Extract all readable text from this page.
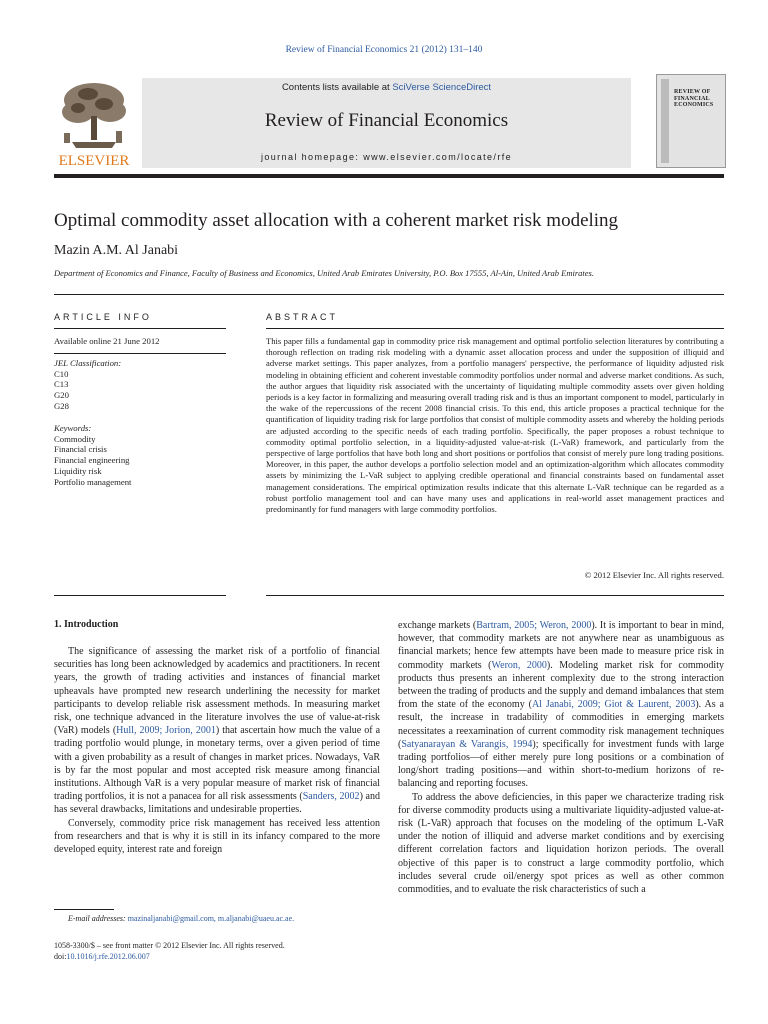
Review of Financial Economics 21 (2012) 131–140
Contents lists available at SciVerse ScienceDirect
Review of Financial Economics
journal homepage: www.elsevier.com/locate/rfe
ELSEVIER
REVIEW OF FINANCIAL ECONOMICS
Optimal commodity asset allocation with a coherent market risk modeling
Mazin A.M. Al Janabi
Department of Economics and Finance, Faculty of Business and Economics, United Arab Emirates University, P.O. Box 17555, Al-Ain, United Arab Emirates.
ARTICLE INFO
Available online 21 June 2012
JEL Classification:
C10
C13
G20
G28
Keywords:
Commodity
Financial crisis
Financial engineering
Liquidity risk
Portfolio management
ABSTRACT
This paper fills a fundamental gap in commodity price risk management and optimal portfolio selection literatures by contributing a thorough reflection on trading risk modeling with a dynamic asset allocation process and under the supposition of illiquid and adverse market settings. This paper analyzes, from a portfolio managers' perspective, the performance of liquidity adjusted risk modeling in obtaining efficient and coherent investable commodity portfolios under normal and adverse market conditions. As such, the author argues that liquidity risk associated with the uncertainty of liquidating multiple commodity assets over given holding periods is a key factor in formalizing and measuring overall trading risk and is thus an important component to model, particularly in the wake of the repercussions of the recent 2008 financial crisis. To this end, this article proposes a practical technique for the quantification of liquidity trading risk for large portfolios that consist of multiple commodity assets and whereby the holding periods are adjusted according to the specific needs of each trading portfolio. Specifically, the paper proposes a robust technique to commodity optimal portfolio selection, in a liquidity-adjusted value-at-risk (L-VaR) framework, and particularly from the perspective of large portfolios that have both long and short positions or portfolios that consist of merely pure long trading positions. Moreover, in this paper, the author develops a portfolio selection model and an optimization-algorithm which allocates commodity assets by minimizing the L-VaR subject to applying credible operational and financial constraints based on fundamental asset management considerations. The empirical optimization results indicate that this alternate L-VaR technique can be regarded as a robust portfolio management tool and can have many uses and applications in real-world asset management practices and predominantly for fund managers with large commodity portfolios.
© 2012 Elsevier Inc. All rights reserved.
1. Introduction

The significance of assessing the market risk of a portfolio of financial securities has long been acknowledged by academics and practitioners. In recent years, the growth of trading activities and instances of financial market upheavals have prompted new research underlining the necessity for market participants to develop reliable risk assessment methods. In measuring market risk, one technique advanced in the literature involves the use of value-at-risk (VaR) models (Hull, 2009; Jorion, 2001) that ascertain how much the value of a trading portfolio would plunge, in monetary terms, over a given period of time with a given probability as a result of changes in market prices. Nowadays, VaR is by far the most popular and most accepted risk measure among financial institutions. Although VaR is a very popular measure of market risk of financial trading portfolios, it is not a panacea for all risk assessments (Sanders, 2002) and has several drawbacks, limitations and undesirable properties.

Conversely, commodity price risk management has received less attention from researchers and that is why it is still in its infancy compared to the more developed equity, interest rate and foreign

exchange markets (Bartram, 2005; Weron, 2000). It is important to bear in mind, however, that commodity markets are not anywhere near as unambiguous as financial markets; hence few attempts have been made to measure price risk in commodity markets (Weron, 2000). Modeling market risk for commodity products thus presents an inherent complexity due to the strong interaction between the trading of products and the supply and demand imbalances that stem from the state of the economy (Al Janabi, 2009; Giot & Laurent, 2003). As a result, the increase in tradability of commodities in emerging markets necessitates a reexamination of current commodity risk management techniques (Satyanarayan & Varangis, 1994); specifically for investment funds with large trading portfolios—of either merely pure long positions or a combination of long/short trading positions—and within short-to-medium horizons of re-balancing and reporting focuses.

To address the above deficiencies, in this paper we characterize trading risk for diverse commodity products using a multivariate liquidity-adjusted value-at-risk (L-VaR) approach that focuses on the modeling of the optimum L-VaR under the notion of illiquid and adverse market conditions and by exercising different correlation factors and liquidation horizon periods. The overall objective of this paper is to construct a large commodity portfolio, which includes several crude oil/energy spot prices as well as other common commodities, and to evaluate the risk characteristics of such a

E-mail addresses: mazinaljanabi@gmail.com, m.aljanabi@uaeu.ac.ae.
1058-3300/$ – see front matter © 2012 Elsevier Inc. All rights reserved.
doi:10.1016/j.rfe.2012.06.007
